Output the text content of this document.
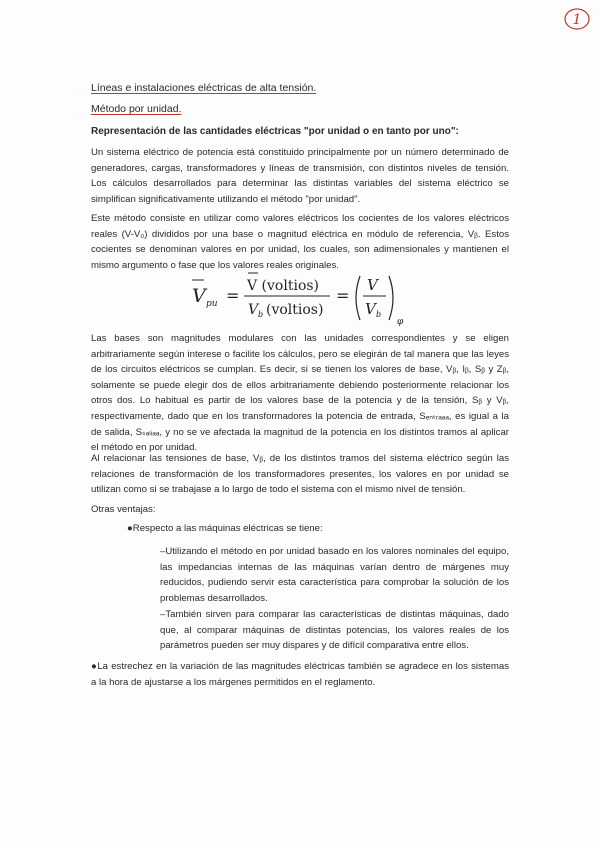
1
Líneas e instalaciones eléctricas de alta tensión.
Método por unidad.
Representación de las cantidades eléctricas "por unidad o en tanto por uno":

Un sistema eléctrico de potencia está constituido principalmente por un número determinado de generadores, cargas, transformadores y líneas de transmisión, con distintos niveles de tensión. Los cálculos desarrollados para determinar las distintas variables del sistema eléctrico se simplifican significativamente utilizando el método "por unidad".

Este método consiste en utilizar como valores eléctricos los cocientes de los valores eléctricos reales (V-V₀) divididos por una base o magnitud eléctrica en módulo de referencia, Vᵦ. Estos cocientes se denominan valores en por unidad, los cuales, son adimensionales y mantienen el mismo argumento o fase que los valores reales originales.

V pu = V (voltios)
V b (voltios)
=
V
V b
φ

Las bases son magnitudes modulares con las unidades correspondientes y se eligen arbitrariamente según interese o facilite los cálculos, pero se elegirán de tal manera que las leyes de los circuitos eléctricos se cumplan. Es decir, si se tienen los valores de base, Vᵦ, Iᵦ, Sᵦ y Zᵦ, solamente se puede elegir dos de ellos arbitrariamente debiendo posteriormente relacionar los otros dos. Lo habitual es partir de los valores base de la potencia y de la tensión, Sᵦ y Vᵦ, respectivamente, dado que en los transformadores la potencia de entrada, Sₑₙₜᵣₐₐₐ, es igual a la de salida, Sₛₐₗᵢₐₐ, y no se ve afectada la magnitud de la potencia en los distintos tramos al aplicar el método en por unidad.

Al relacionar las tensiones de base, Vᵦ, de los distintos tramos del sistema eléctrico según las relaciones de transformación de los transformadores presentes, los valores en por unidad se utilizan como si se trabajase a lo largo de todo el sistema con el mismo nivel de tensión.

Otras ventajas:

●Respecto a las máquinas eléctricas se tiene:

–Utilizando el método en por unidad basado en los valores nominales del equipo, las impedancias internas de las máquinas varían dentro de márgenes muy reducidos, pudiendo servir esta característica para comprobar la solución de los problemas desarrollados.

–También sirven para comparar las características de distintas máquinas, dado que, al comparar máquinas de distintas potencias, los valores reales de los parámetros pueden ser muy dispares y de difícil comparativa entre ellos.

●La estrechez en la variación de las magnitudes eléctricas también se agradece en los sistemas a la hora de ajustarse a los márgenes permitidos en el reglamento.
